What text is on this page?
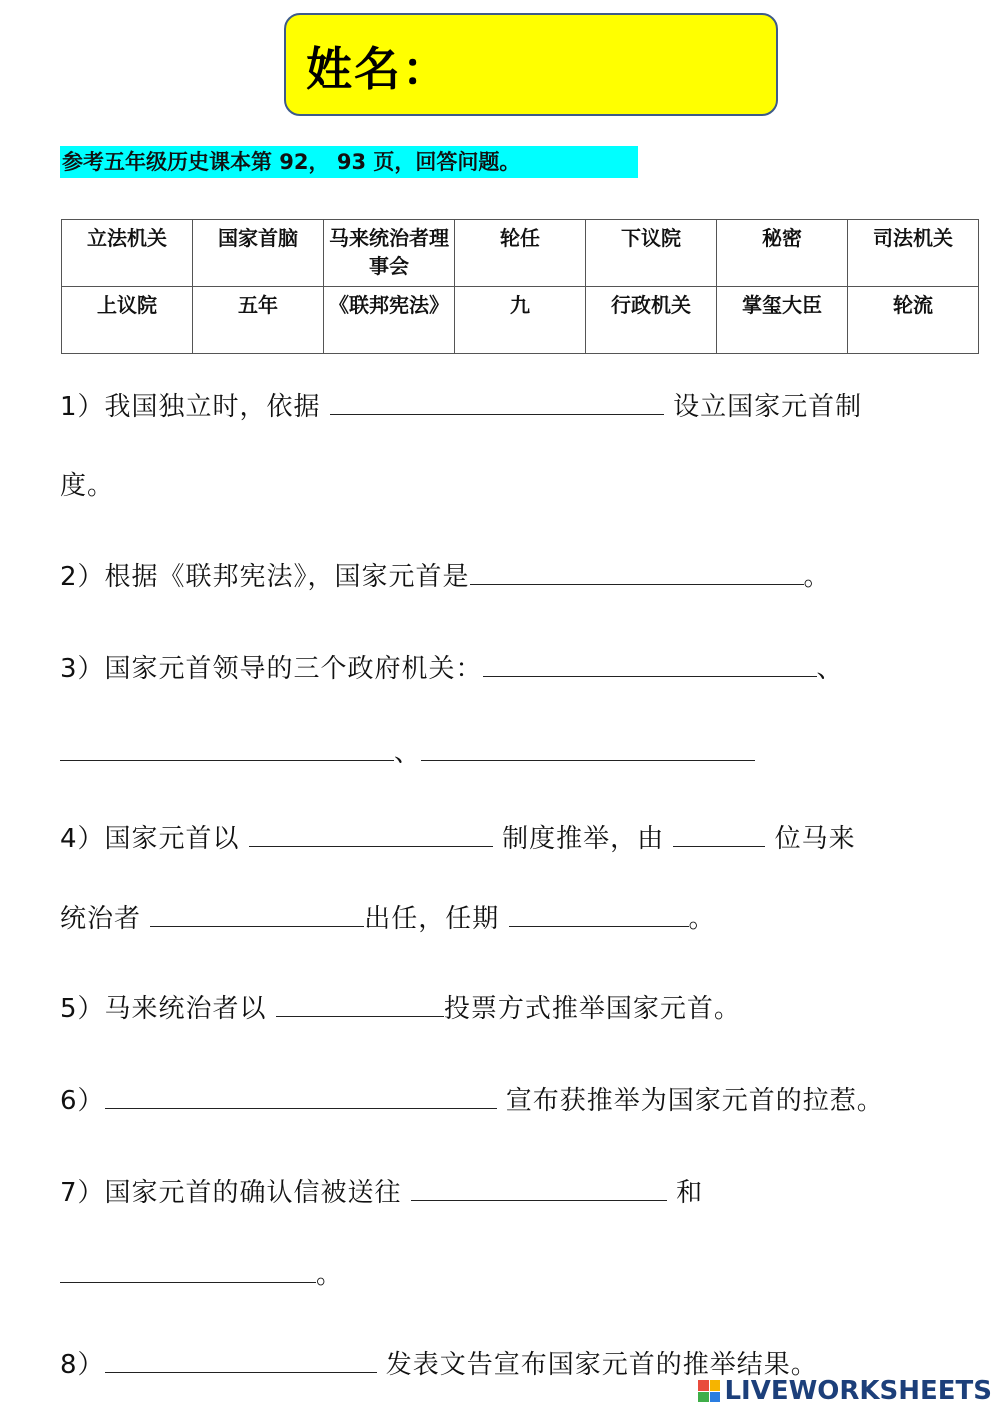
姓名：
参考五年级历史课本第 92， 93 页，回答问题。
立法机关	国家首脑	马来统治者理事会	轮任	下议院	秘密	司法机关
上议院	五年	《联邦宪法》	九	行政机关	掌玺大臣	轮流
1）我国独立时，依据	设立国家元首制
度。
2）根据《联邦宪法》，国家元首是	。
3）国家元首领导的三个政府机关：	、
、
4）国家元首以	制度推举，由	位马来
统治者	出任，任期	。
5）马来统治者以	投票方式推举国家元首。
6）	宣布获推举为国家元首的拉惹。
7）国家元首的确认信被送往	和
。
8）	发表文告宣布国家元首的推举结果。
LIVEWORKSHEETS
